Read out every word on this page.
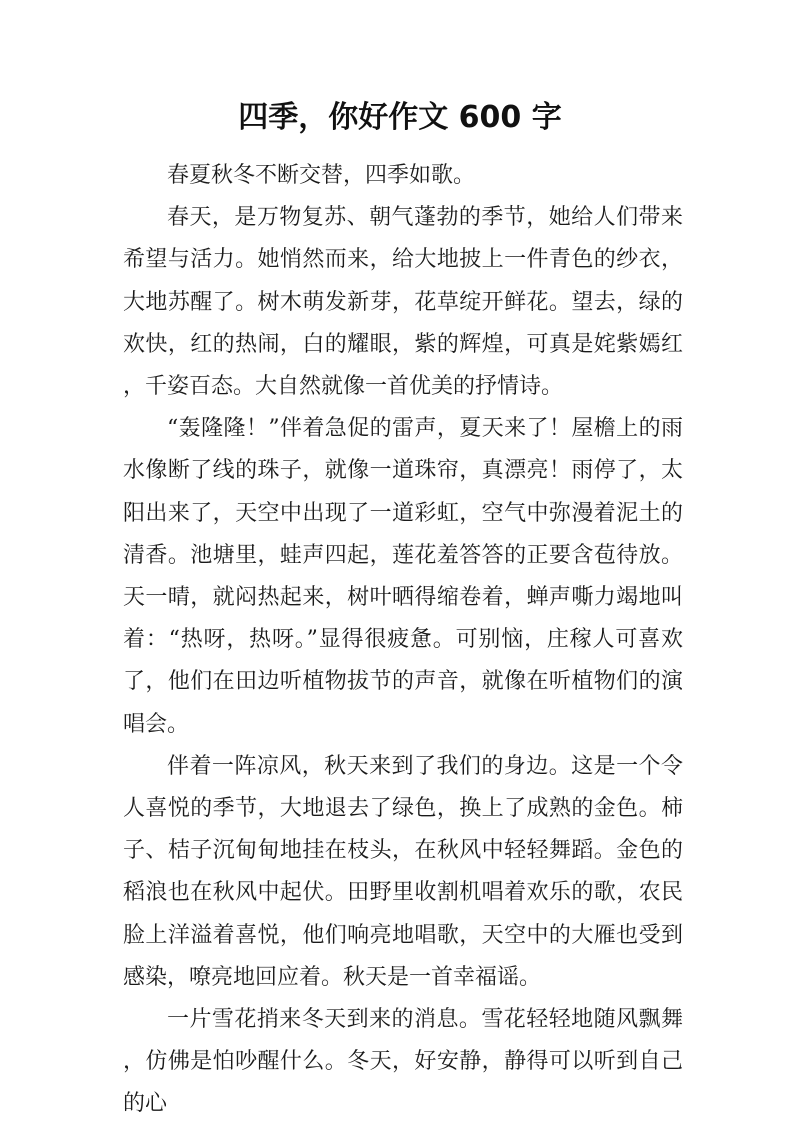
四季，你好作文 600 字

春夏秋冬不断交替，四季如歌。

春天，是万物复苏、朝气蓬勃的季节，她给人们带来希望与活力。她悄然而来，给大地披上一件青色的纱衣，大地苏醒了。树木萌发新芽，花草绽开鲜花。望去，绿的欢快，红的热闹，白的耀眼，紫的辉煌，可真是姹紫嫣红，千姿百态。大自然就像一首优美的抒情诗。

“轰隆隆！”伴着急促的雷声，夏天来了！屋檐上的雨水像断了线的珠子，就像一道珠帘，真漂亮！雨停了，太阳出来了，天空中出现了一道彩虹，空气中弥漫着泥土的清香。池塘里，蛙声四起，莲花羞答答的正要含苞待放。天一晴，就闷热起来，树叶晒得缩卷着，蝉声嘶力竭地叫着：“热呀，热呀。”显得很疲惫。可别恼，庄稼人可喜欢了，他们在田边听植物拔节的声音，就像在听植物们的演唱会。

伴着一阵凉风，秋天来到了我们的身边。这是一个令人喜悦的季节，大地退去了绿色，换上了成熟的金色。柿子、桔子沉甸甸地挂在枝头，在秋风中轻轻舞蹈。金色的稻浪也在秋风中起伏。田野里收割机唱着欢乐的歌，农民脸上洋溢着喜悦，他们响亮地唱歌，天空中的大雁也受到感染，嘹亮地回应着。秋天是一首幸福谣。

一片雪花捎来冬天到来的消息。雪花轻轻地随风飘舞，仿佛是怕吵醒什么。冬天，好安静，静得可以听到自己的心
